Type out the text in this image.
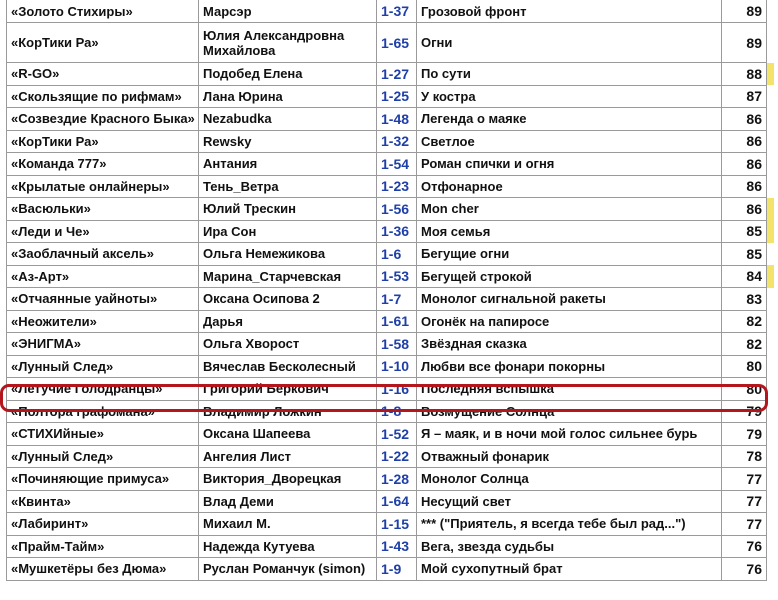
«Золото Стихиры»	Марсэр	1-37	Грозовой фронт	89	
«КорТики Ра»	Юлия Александровна Михайлова	1-65	Огни	89	
«R-GO»	Подобед Елена	1-27	По сути	88	
«Скользящие по рифмам»	Лана Юрина	1-25	У костра	87	
«Созвездие Красного Быка»	Nezabudka	1-48	Легенда о маяке	86	
«КорТики Ра»	Rewsky	1-32	Светлое	86	
«Команда 777»	Антания	1-54	Роман спички и огня	86	
«Крылатые онлайнеры»	Тень_Ветра	1-23	Отфонарное	86	
«Васюльки»	Юлий Трескин	1-56	Mon cher	86	
«Леди и Че»	Ира Сон	1-36	Моя семья	85	
«Заоблачный аксель»	Ольга Немежикова	1-6	Бегущие огни	85	
«Аз-Арт»	Марина_Старчевская	1-53	Бегущей строкой	84	
«Отчаянные уайноты»	Оксана Осипова 2	1-7	Монолог сигнальной ракеты	83	
«Неожители»	Дарья	1-61	Огонёк на папиросе	82	
«ЭНИГМА»	Ольга Хворост	1-58	Звёздная сказка	82	
«Лунный След»	Вячеслав Бесколесный	1-10	Любви все фонари покорны	80	
«Летучие Голодранцы»	Григорий Беркович	1-16	Последняя вспышка	80	
«Полтора графомана»	Владимир Ложкин	1-8	Возмущение Солнца	79	
«СТИХИйные»	Оксана Шапеева	1-52	Я – маяк, и в ночи мой голос сильнее бурь	79	
«Лунный След»	Ангелия Лист	1-22	Отважный фонарик	78	
«Починяющие примуса»	Виктория_Дворецкая	1-28	Монолог Солнца	77	
«Квинта»	Влад Деми	1-64	Несущий свет	77	
«Лабиринт»	Михаил М.	1-15	*** ("Приятель, я всегда тебе был рад...")	77	
«Прайм-Тайм»	Надежда Кутуева	1-43	Вега, звезда судьбы	76	
«Мушкетёры без Дюма»	Руслан Романчук (simon)	1-9	Мой сухопутный брат	76	
